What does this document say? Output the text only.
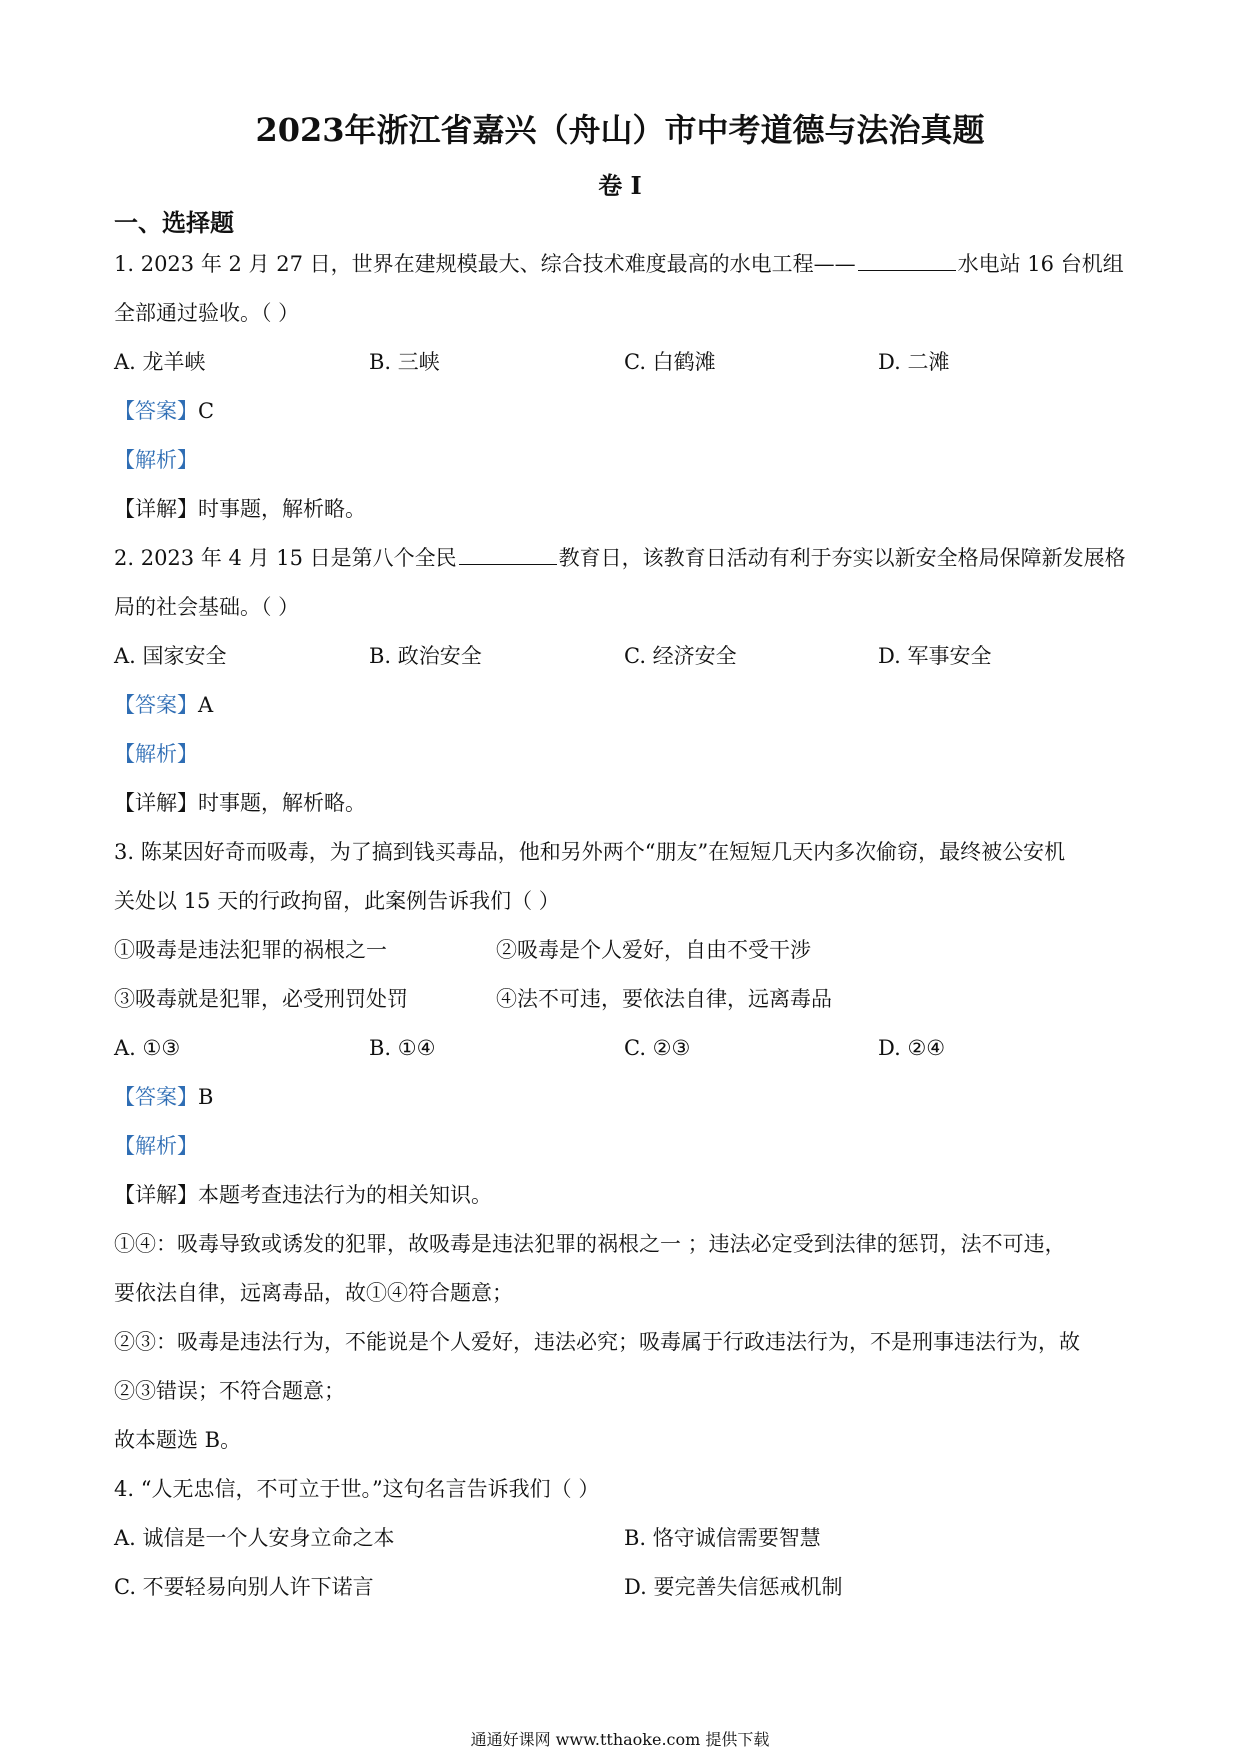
2023年浙江省嘉兴（舟山）市中考道德与法治真题
卷 I
一、选择题
1. 2023 年 2 月 27 日，世界在建规模最大、综合技术难度最高的水电工程——	水电站 16 台机组
全部通过验收。（ ）
A. 龙羊峡	B. 三峡	C. 白鹤滩	D. 二滩
【答案】C
【解析】
【详解】时事题，解析略。
2. 2023 年 4 月 15 日是第八个全民	教育日，该教育日活动有利于夯实以新安全格局保障新发展格
局的社会基础。（ ）
A. 国家安全	B. 政治安全	C. 经济安全	D. 军事安全
【答案】A
【解析】
【详解】时事题，解析略。
3. 陈某因好奇而吸毒，为了搞到钱买毒品，他和另外两个“朋友”在短短几天内多次偷窃，最终被公安机
关处以 15 天的行政拘留，此案例告诉我们（ ）
①吸毒是违法犯罪的祸根之一	②吸毒是个人爱好，自由不受干涉
③吸毒就是犯罪，必受刑罚处罚	④法不可违，要依法自律，远离毒品
A. ①③	B. ①④	C. ②③	D. ②④
【答案】B
【解析】
【详解】本题考查违法行为的相关知识。
①④：吸毒导致或诱发的犯罪，故吸毒是违法犯罪的祸根之一 ；违法必定受到法律的惩罚，法不可违，
要依法自律，远离毒品，故①④符合题意；
②③：吸毒是违法行为，不能说是个人爱好，违法必究；吸毒属于行政违法行为，不是刑事违法行为，故
②③错误；不符合题意；
故本题选 B。
4. “人无忠信，不可立于世。”这句名言告诉我们（ ）
A. 诚信是一个人安身立命之本	B. 恪守诚信需要智慧
C. 不要轻易向别人许下诺言	D. 要完善失信惩戒机制
通通好课网 www.tthaoke.com 提供下载
